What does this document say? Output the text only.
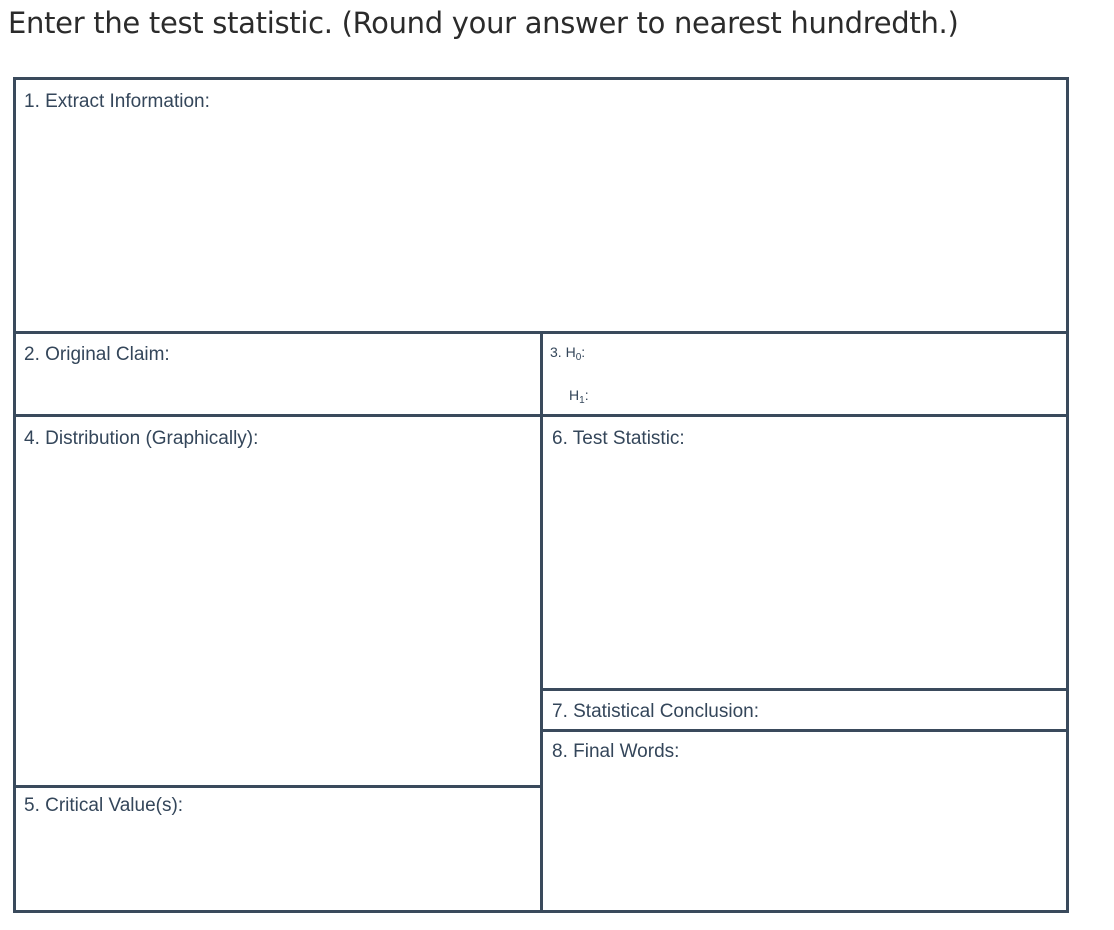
Enter the test statistic. (Round your answer to nearest hundredth.)
1. Extract Information:
2. Original Claim:	3. $H_0$:
$H_1$:
4. Distribution (Graphically):	6. Test Statistic:
7. Statistical Conclusion:
8. Final Words:
5. Critical Value(s):
